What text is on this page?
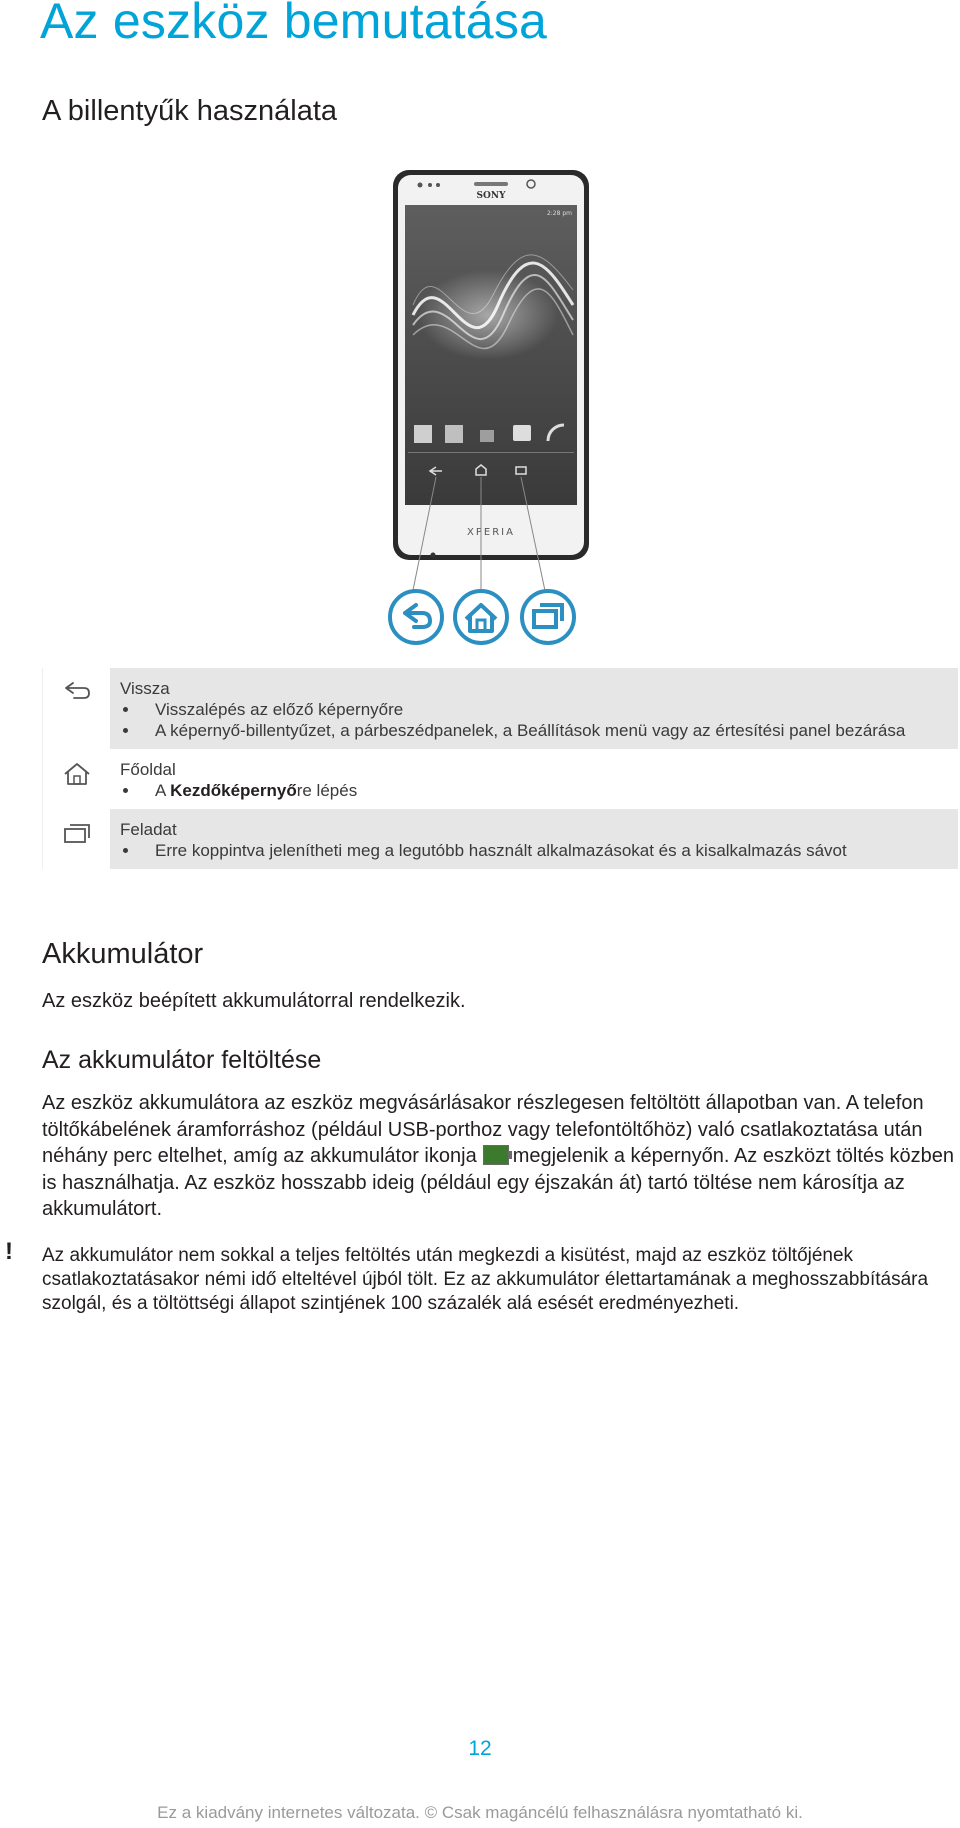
Az eszköz bemutatása
A billentyűk használata
SONY
2:28 pm
XPERIA
Vissza
Visszalépés az előző képernyőre
A képernyő-billentyűzet, a párbeszédpanelek, a Beállítások menü vagy az értesítési panel bezárása
Főoldal
A Kezdőképernyőre lépés
Feladat
Erre koppintva jelenítheti meg a legutóbb használt alkalmazásokat és a kisalkalmazás sávot
Akkumulátor

Az eszköz beépített akkumulátorral rendelkezik.

Az akkumulátor feltöltése

Az eszköz akkumulátora az eszköz megvásárlásakor részlegesen feltöltött állapotban van. A telefon töltőkábelének áramforráshoz (például USB-porthoz vagy telefontöltőhöz) való csatlakoztatása után néhány perc eltelhet, amíg az akkumulátor ikonja megjelenik a képernyőn. Az eszközt töltés közben is használhatja. Az eszköz hosszabb ideig (például egy éjszakán át) tartó töltése nem károsítja az akkumulátort.

! Az akkumulátor nem sokkal a teljes feltöltés után megkezdi a kisütést, majd az eszköz töltőjének csatlakoztatásakor némi idő elteltével újból tölt. Ez az akkumulátor élettartamának a meghosszabbítására szolgál, és a töltöttségi állapot szintjének 100 százalék alá esését eredményezheti.

12
Ez a kiadvány internetes változata. © Csak magáncélú felhasználásra nyomtatható ki.
